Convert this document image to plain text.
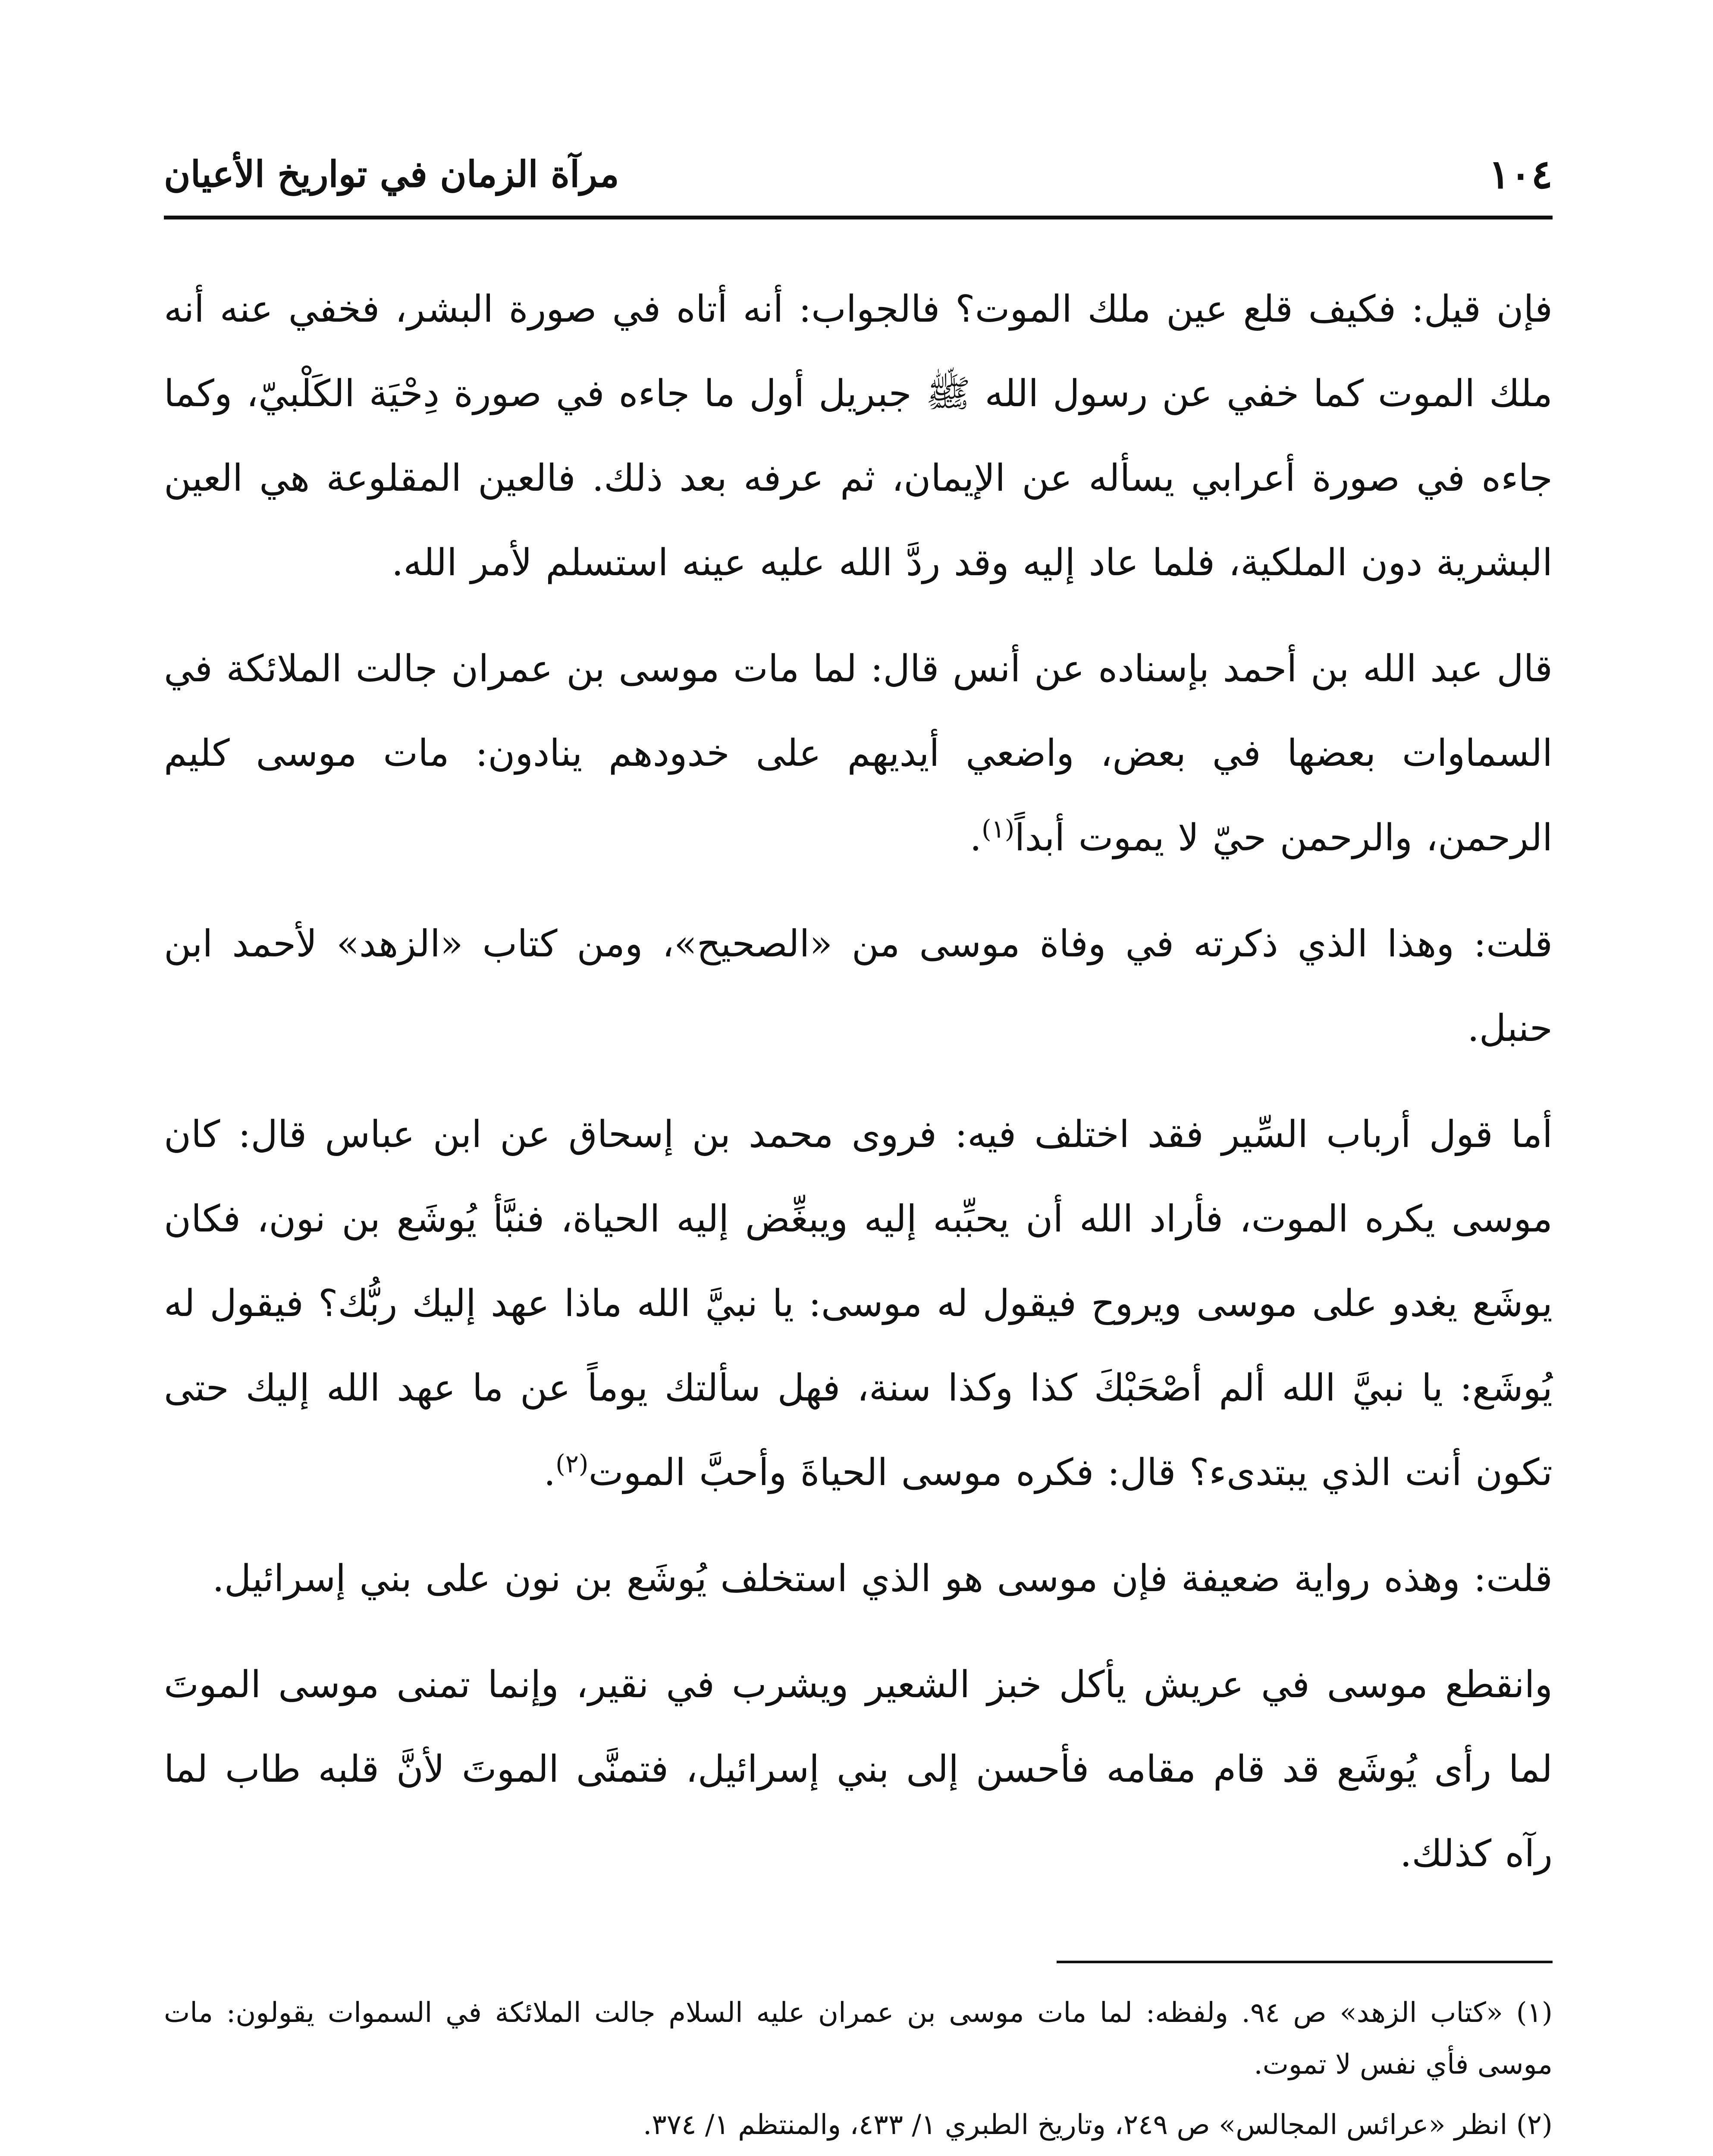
١٠٤
مرآة الزمان في تواريخ الأعيان

فإن قيل: فكيف قلع عين ملك الموت؟ فالجواب: أنه أتاه في صورة البشر، فخفي عنه أنه ملك الموت كما خفي عن رسول الله ﷺ جبريل أول ما جاءه في صورة دِحْيَة الكَلْبيّ، وكما جاءه في صورة أعرابي يسأله عن الإيمان، ثم عرفه بعد ذلك. فالعين المقلوعة هي العين البشرية دون الملكية، فلما عاد إليه وقد ردَّ الله عليه عينه استسلم لأمر الله.

قال عبد الله بن أحمد بإسناده عن أنس قال: لما مات موسى بن عمران جالت الملائكة في السماوات بعضها في بعض، واضعي أيديهم على خدودهم ينادون: مات موسى كليم الرحمن، والرحمن حيّ لا يموت أبداً$^{(١)}$.

قلت: وهذا الذي ذكرته في وفاة موسى من «الصحيح»، ومن كتاب «الزهد» لأحمد ابن حنبل.

أما قول أرباب السِّير فقد اختلف فيه: فروى محمد بن إسحاق عن ابن عباس قال: كان موسى يكره الموت، فأراد الله أن يحبِّبه إليه ويبغِّض إليه الحياة، فنبَّأ يُوشَع بن نون، فكان يوشَع يغدو على موسى ويروح فيقول له موسى: يا نبيَّ الله ماذا عهد إليك ربُّك؟ فيقول له يُوشَع: يا نبيَّ الله ألم أصْحَبْكَ كذا وكذا سنة، فهل سألتك يوماً عن ما عهد الله إليك حتى تكون أنت الذي يبتدىء؟ قال: فكره موسى الحياةَ وأحبَّ الموت$^{(٢)}$.

قلت: وهذه رواية ضعيفة فإن موسى هو الذي استخلف يُوشَع بن نون على بني إسرائيل.

وانقطع موسى في عريش يأكل خبز الشعير ويشرب في نقير، وإنما تمنى موسى الموتَ لما رأى يُوشَع قد قام مقامه فأحسن إلى بني إسرائيل، فتمنَّى الموتَ لأنَّ قلبه طاب لما رآه كذلك.

(١) «كتاب الزهد» ص ٩٤. ولفظه: لما مات موسى بن عمران عليه السلام جالت الملائكة في السموات يقولون: مات موسى فأي نفس لا تموت.

(٢) انظر «عرائس المجالس» ص ٢٤٩، وتاريخ الطبري ١/ ٤٣٣، والمنتظم ١/ ٣٧٤.
